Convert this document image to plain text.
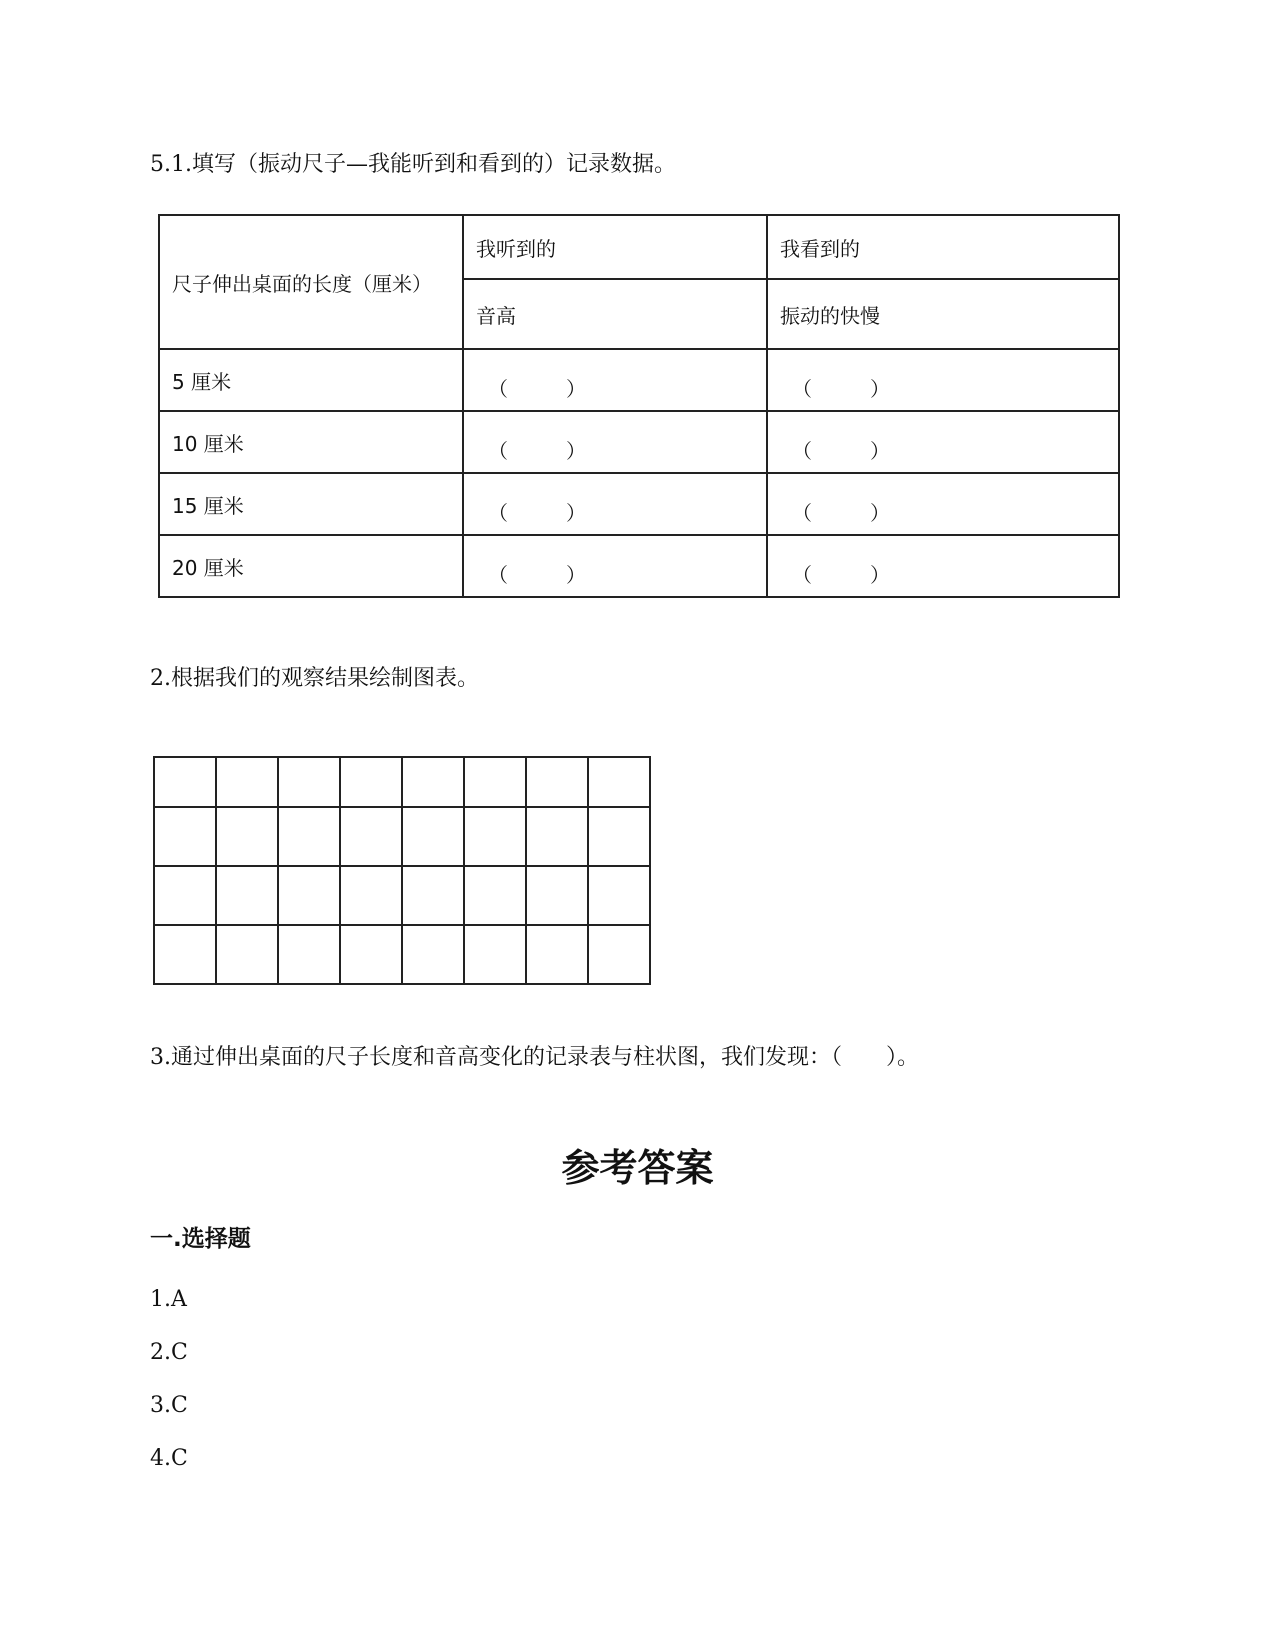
5.1.填写（振动尺子—我能听到和看到的）记录数据。
尺子伸出桌面的长度（厘米）	我听到的	我看到的
	音高	振动的快慢
5 厘米	（ ）	（ ）

10 厘米	（ ）	（ ）

15 厘米	（ ）	（ ）

20 厘米	（ ）	（ ）
2.根据我们的观察结果绘制图表。

3.通过伸出桌面的尺子长度和音高变化的记录表与柱状图，我们发现：（　　）。
参考答案
一.选择题
1.A
2.C
3.C
4.C
